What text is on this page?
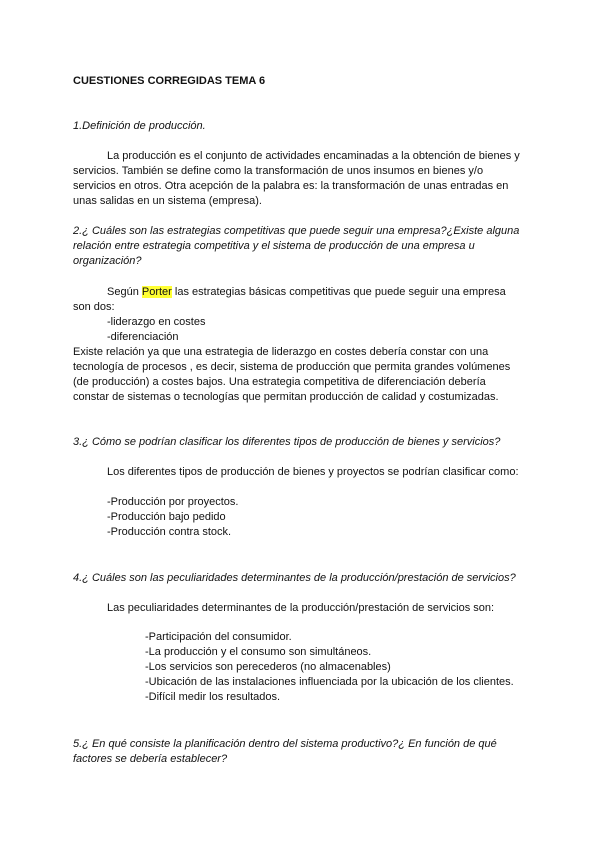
CUESTIONES CORREGIDAS TEMA 6
1.Definición de producción.
La producción es el conjunto de actividades encaminadas a la obtención de bienes y
servicios. También se define como la transformación de unos insumos en bienes y/o
servicios en otros. Otra acepción de la palabra es: la transformación de unas entradas en
unas salidas en un sistema (empresa).
2.¿ Cuáles son las estrategias competitivas que puede seguir una empresa?¿Existe alguna
relación entre estrategia competitiva y el sistema de producción de una empresa u
organización?
Según Porter las estrategias básicas competitivas que puede seguir una empresa
son dos:
-liderazgo en costes
-diferenciación
Existe relación ya que una estrategia de liderazgo en costes debería constar con una
tecnología de procesos , es decir, sistema de producción que permita grandes volúmenes
(de producción) a costes bajos. Una estrategia competitiva de diferenciación debería
constar de sistemas o tecnologías que permitan producción de calidad y costumizadas.
3.¿ Cómo se podrían clasificar los diferentes tipos de producción de bienes y servicios?
Los diferentes tipos de producción de bienes y proyectos se podrían clasificar como:
-Producción por proyectos.
-Producción bajo pedido
-Producción contra stock.
4.¿ Cuáles son las peculiaridades determinantes de la producción/prestación de servicios?
Las peculiaridades determinantes de la producción/prestación de servicios son:
-Participación del consumidor.
-La producción y el consumo son simultáneos.
-Los servicios son perecederos (no almacenables)
-Ubicación de las instalaciones influenciada por la ubicación de los clientes.
-Difícil medir los resultados.
5.¿ En qué consiste la planificación dentro del sistema productivo?¿ En función de qué
factores se debería establecer?
